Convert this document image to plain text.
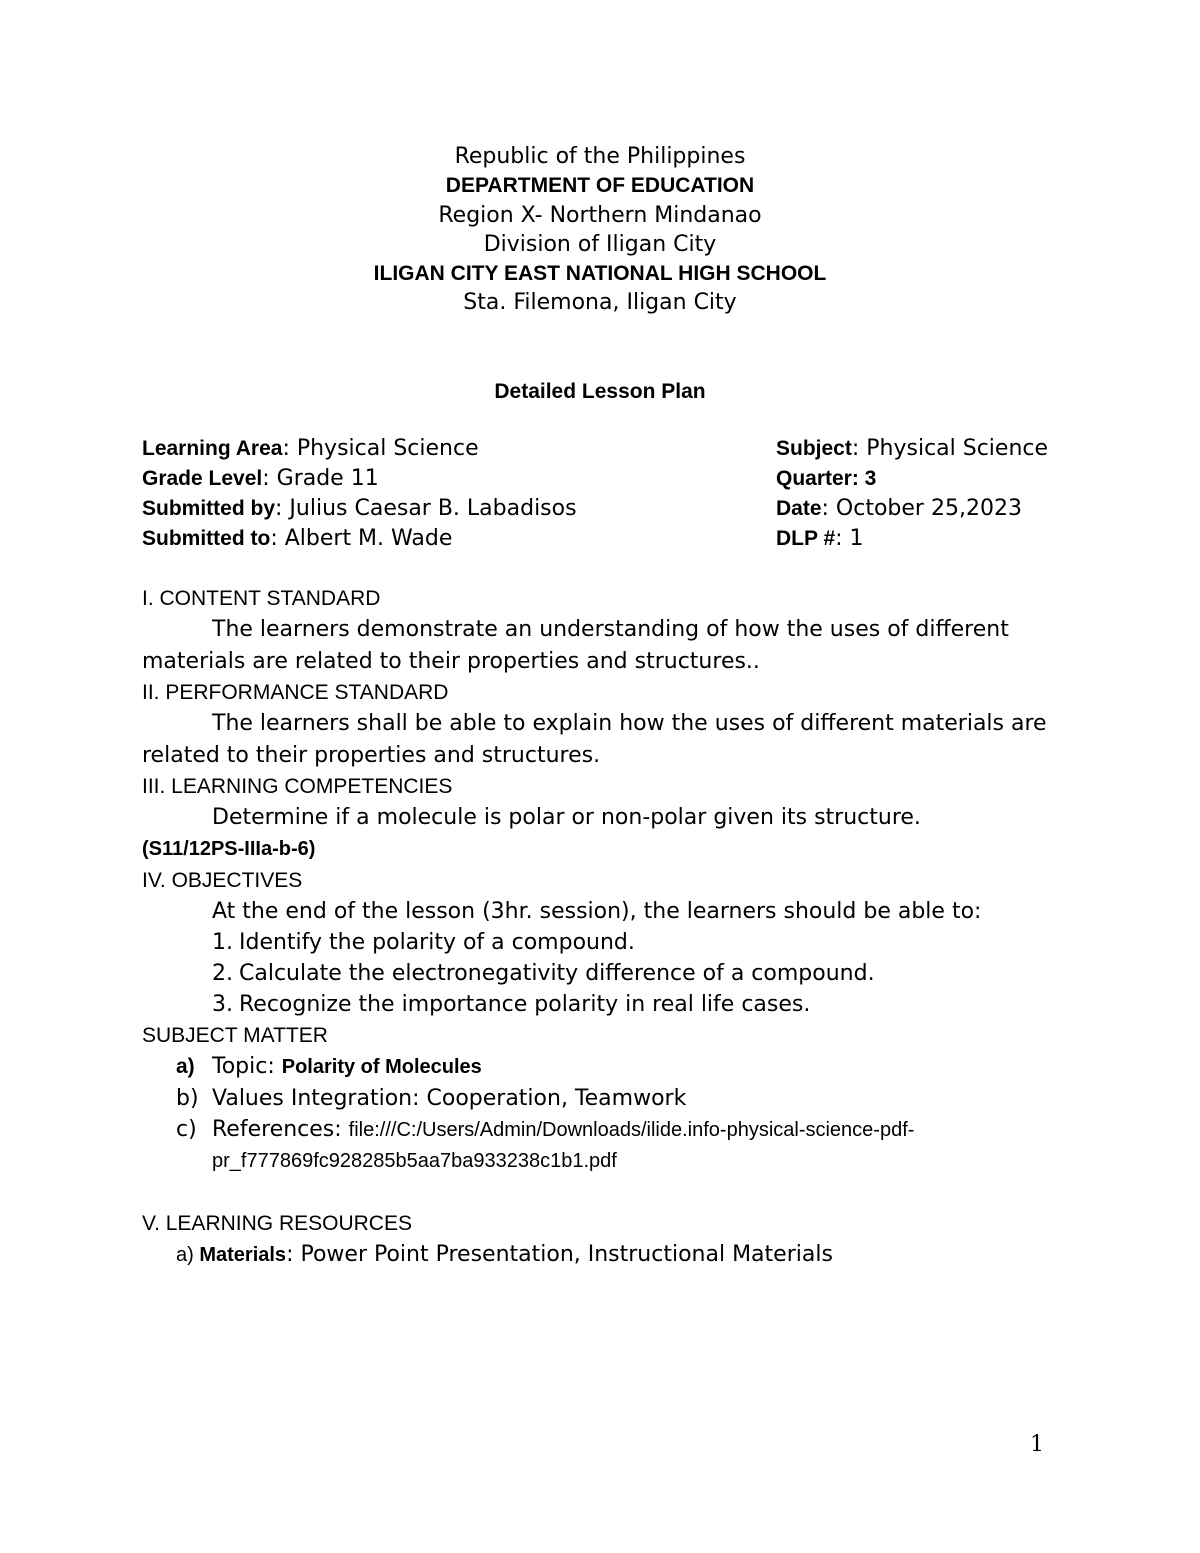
Republic of the Philippines
DEPARTMENT OF EDUCATION
Region X- Northern Mindanao
Division of Iligan City
ILIGAN CITY EAST NATIONAL HIGH SCHOOL
Sta. Filemona, Iligan City
Detailed Lesson Plan
Learning Area: Physical Science	Subject: Physical Science
Grade Level: Grade 11	Quarter: 3
Submitted by: Julius Caesar B. Labadisos	Date: October 25,2023
Submitted to: Albert M. Wade	DLP #: 1
I. CONTENT STANDARD

The learners demonstrate an understanding of how the uses of different materials are related to their properties and structures..

II. PERFORMANCE STANDARD

The learners shall be able to explain how the uses of different materials are related to their properties and structures.

III. LEARNING COMPETENCIES

Determine if a molecule is polar or non-polar given its structure.

(S11/12PS-IIIa-b-6)
IV. OBJECTIVES
At the end of the lesson (3hr. session), the learners should be able to:
1. Identify the polarity of a compound.
2. Calculate the electronegativity difference of a compound.
3. Recognize the importance polarity in real life cases.
SUBJECT MATTER
a) Topic: Polarity of Molecules
b) Values Integration: Cooperation, Teamwork
c) References: file:///C:/Users/Admin/Downloads/ilide.info-physical-science-pdf-
pr_f777869fc928285b5aa7ba933238c1b1.pdf
V. LEARNING RESOURCES
a) Materials: Power Point Presentation, Instructional Materials
1
